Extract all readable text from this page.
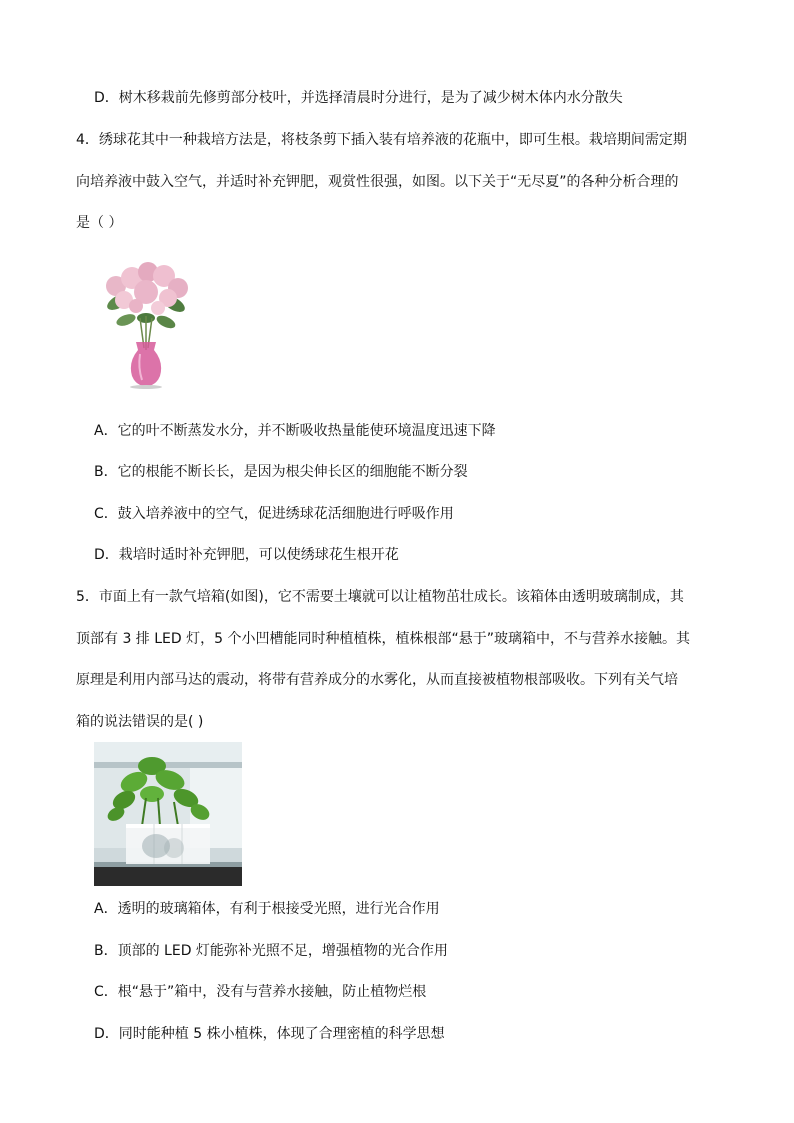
D．树木移栽前先修剪部分枝叶，并选择清晨时分进行，是为了减少树木体内水分散失
4．绣球花其中一种栽培方法是，将枝条剪下插入装有培养液的花瓶中，即可生根。栽培期间需定期
向培养液中鼓入空气，并适时补充钾肥，观赏性很强，如图。以下关于“无尽夏”的各种分析合理的
是（ ）
A．它的叶不断蒸发水分，并不断吸收热量能使环境温度迅速下降
B．它的根能不断长长，是因为根尖伸长区的细胞能不断分裂
C．鼓入培养液中的空气，促进绣球花活细胞进行呼吸作用
D．栽培时适时补充钾肥，可以使绣球花生根开花
5．市面上有一款气培箱(如图)，它不需要土壤就可以让植物茁壮成长。该箱体由透明玻璃制成，其
顶部有 3 排 LED 灯，5 个小凹槽能同时种植植株，植株根部“悬于”玻璃箱中，不与营养水接触。其
原理是利用内部马达的震动，将带有营养成分的水雾化，从而直接被植物根部吸收。下列有关气培
箱的说法错误的是( )
A．透明的玻璃箱体，有利于根接受光照，进行光合作用
B．顶部的 LED 灯能弥补光照不足，增强植物的光合作用
C．根“悬于”箱中，没有与营养水接触，防止植物烂根
D．同时能种植 5 株小植株，体现了合理密植的科学思想
